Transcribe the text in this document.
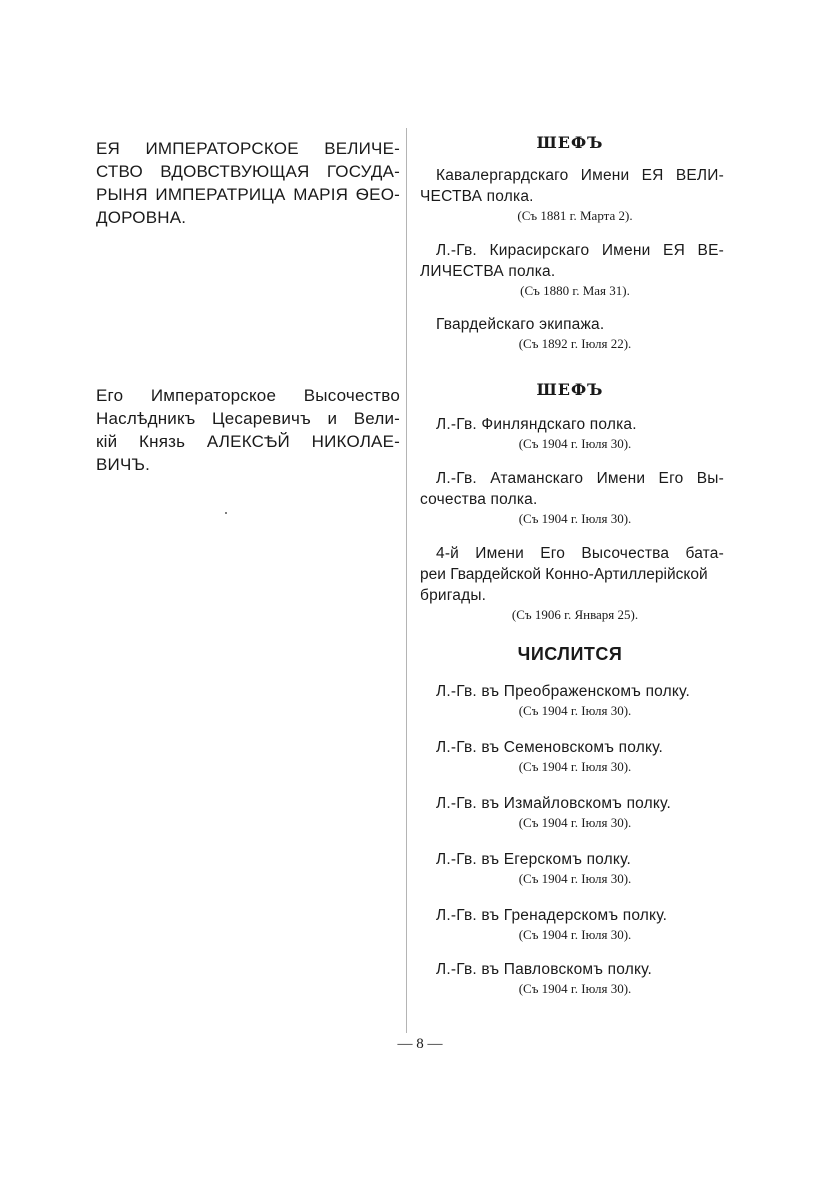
ЕЯ ИМПЕРАТОРСКОЕ ВЕЛИЧЕ-
СТВО ВДОВСТВУЮЩАЯ ГОСУДА-
РЫНЯ ИМПЕРАТРИЦА МАРІЯ ѲЕО-
ДОРОВНА.
Его Императорское Высочество
Наслѣдникъ Цесаревичъ и Вели-
кій Князь АЛЕКСѢЙ НИКОЛАЕ-
ВИЧЪ.
ШЕФЪ
Кавалергардскаго Имени ЕЯ ВЕЛИ-
ЧЕСТВА полка.
(Съ 1881 г. Марта 2).
Л.-Гв. Кирасирскаго Имени ЕЯ ВЕ-
ЛИЧЕСТВА полка.
(Съ 1880 г. Мая 31).
Гвардейскаго экипажа.
(Съ 1892 г. Іюля 22).
ШЕФЪ
Л.-Гв. Финляндскаго полка.
(Съ 1904 г. Іюля 30).
Л.-Гв. Атаманскаго Имени Его Вы-
сочества полка.
(Съ 1904 г. Іюля 30).
4-й Имени Его Высочества бата-
реи Гвардейской Конно-Артиллерійской
бригады.
(Съ 1906 г. Января 25).
ЧИСЛИТСЯ
Л.-Гв. въ Преображенскомъ полку.
(Съ 1904 г. Іюля 30).
Л.-Гв. въ Семеновскомъ полку.
(Съ 1904 г. Іюля 30).
Л.-Гв. въ Измайловскомъ полку.
(Съ 1904 г. Іюля 30).
Л.-Гв. въ Егерскомъ полку.
(Съ 1904 г. Іюля 30).
Л.-Гв. въ Гренадерскомъ полку.
(Съ 1904 г. Іюля 30).
Л.-Гв. въ Павловскомъ полку.
(Съ 1904 г. Іюля 30).
— 8 —
